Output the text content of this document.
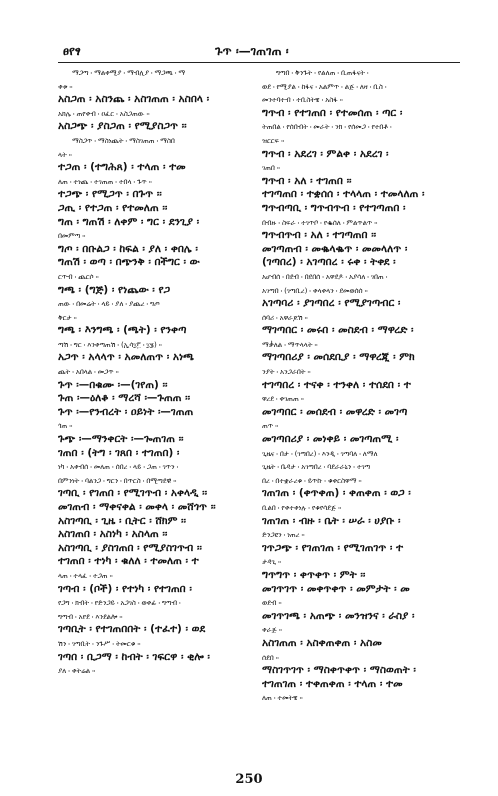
ፀየፃ	ጉጥ ፡—ገጠገጠ ፡
ማጋጣ ፡ ማልቀሚያ ፡ ማብሊያ ፡ ማጋጫ ፡ ማ
ቀቱ ፡፡
አስጋጠ ፡ አስንጨ ፡ አስገጠጠ ፡ አስበላ ፡
አክሌ ፡ ጠየቀብ ፡ ዐፈር ፡ አስጋጠው ፡፡
አስጋጭ ፡ ያስጋጠ ፡ የሚያስጋጥ ፡፡
ማስጋጥ ፡ ማስነጨት ፡ ማስገጠጠ ፡ ማስበ
ላት ፡፡
ተጋጠ ፡ (ተግሕጸ) ፡ ተላጠ ፡ ተመ
ለጠ ፡ ተነጨ ፡ ተገጠጠ ፡ ተበላ ፡ ጉጥ ፡፡
ተጋጭ ፡ የሚጋጥ ፡ በጉጥ ፡፡
ጋጢ ፡ የተጋጠ ፡ የተመለጠ ፡፡
ግጠ ፡ ግጠሽ ፡ ለቀም ፡ ግር ፡ ደንጊያ ፡
በመምጣ ፡፡
ግጦ ፡ በቡልጋ ፡ ከፍል ፡ ያለ ፡ ቀበሌ ፡
ግጠሽ ፡ ወጣ ፡ በጭንቅ ፡ በችግር ፡ ው
ርጥብ ፡ ጨርሶ ፡፡
ግጫ ፡ (ግጅ) ፡ የነጨው ፡ የጋ
ጠው ፡ በመሬት ፡ ላይ ፡ ያለ ፡ ያጨረ ፡ ግጦ
ቅርታ ፡፡
ግጫ ፡ እንግጫ ፡ (ጫት) ፡ የንቀጣ
ጣሽ ፡ ግር ፡ እንቀጣጠሽ ፡ (ኢሳ፲፫ ፡ ፲፮) ፡፡
አጋጥ ፡ አላላጥ ፡ አመለጠጥ ፡ አነጫ
ጨት ፡ አበላል ፡ መጋጥ ፡፡
ጉጥ ፡—በቁሙ ፡—(ገየጠ) ፡፡
ጉጠ ፡—ዕለቆ ፡ ማረሻ ፡—ጉጠጠ ፡፡
ጉጥ ፡—የንብረት ፡ ዐይነት ፡—ገጠጠ
ጎጠ ፡፡
ጉጭ ፡—ማንቀርት ፡—ጐጠገጠ ፡፡
ገጠበ ፡ (ትግ ፡ ገጸበ ፡ ተገጠበ) ፡
ነካ ፡ አቀብሰ ፡ መለጠ ፡ ሰበረ ፡ ላይ ፡ ጋጠ ፡ ገጥን ፡
በምንነት ፡ ባልንጋ ፡ ግርን ፡ በጥርስ ፡ በሚጣደዊ ፡፡
ገጣቢ ፡ የገጠበ ፡ የሚገጥብ ፡ አቀላዲ ፡፡
መገጠብ ፡ ማቀናቀል ፡ መቀላ ፡ መሸጎጥ ፡፡
አስገጣቢ ፡ ጊዜ ፡ ቢትር ፡ ሸክም ፡፡
አስገጠበ ፡ አስነካ ፡ አስላጠ ፡፡
አስገጣቢ ፡ ያስገጠበ ፡ የሚያስገጥብ ፡፡
ተገጠበ ፡ ተነካ ፡ ቁለለ ፡ ተመለጠ ፡ ተ
ላጠ ፡ ተላፈ ፡ ተጋጠ ፡፡
ገጣብ ፡ (ቦች) ፡ የተነካ ፡ የተገጠበ ፡
የጋግ ፡ ክብት ፡ የድንጋይ ፡ አጋገስ ፡ ወቀፊ ፡ ግጣብ ፡
ግጣብ ፡ አየደ ፡ እንደልሎ ፡፡
ገጣቢት ፡ የተገጠበበት ፡ (ተፈተ) ፡ ወደ
ሽን ፡ ገጣቢት ፡ ንጉሥ ፡ ትመርቁ ፡፡
ገጣበ ፡ ቢጋማ ፡ ከብት ፡ ገፍርዋ ፡ ቂሎ ፡
ያለ ፡ ቀትሬል ፡፡
ግጣበ ፡ ቅንጉት ፡ የልለጠ ፡ ቢጠፋናት ፡
ወደ ፡ የሚያል ፡ ከፋና ፡ አልምጥ ፡ ልጅ ፡ ለዛ ፡ ቢስ ፡
መንተባተብ ፡ ተቢስትዌ ፡ አስፋ ፡፡
ግጥብ ፡ የተገጠበ ፡ የተመሰጠ ፡ ጣር ፡
ትጠበል ፡ የሰበብት ፡ መራት ፡ ንክ ፡ የሰመጋ ፡ የተበቶ ፡
ዝርርፍ ፡፡
ግጥብ ፡ አደረገ ፡ ምልቀ ፡ አደረገ ፡
ገጠበ ፡፡
ግጥብ ፡ አለ ፡ ተገጠበ ፡፡
ተገጣጠበ ፡ ተቋሰሰ ፡ ተላላጠ ፡ ተመላለጠ ፡
ግጥብጣቢ ፡ ግጥብጥብ ፡ የተገጣጠበ ፡
በብዙ ፡ ስፍራ ፡ ተገጥቦ ፡ የቈሰለ ፡ ምልጥልጥ ፡፡
ግጥብጥብ ፡ አለ ፡ ተገጣጠበ ፡፡
መገጣጠብ ፡ መቈላቈጥ ፡ መመላለጥ ፡
(ገጣበረ) ፡ አገጣበረ ፡ ሩቀ ፡ ትቀደ ፡
አሆብሰ ፡ በደብ ፡ በደበሰ ፡ አዋደዶ ፡ አያሳለ ፡ ገበጠ ፡
አገጣበ ፡ (ገጣቢረ) ፡ ቀላቀላን ፡ ደመወሰሰ ፡፡
አገጣባሪ ፡ ያገጣበረ ፡ የሚያገጣብር ፡
ሰባሪ ፡ አዋራጆሽ ፡፡
ማገጣበር ፡ መሩበ ፡ መስደብ ፡ ማዋረድ ፡
ማቃለል ፡ ማጥላላት ፡፡
ማገጣበሪያ ፡ መሰደቢያ ፡ ማዋረጂ ፡ ምክ
ንያት ፡ አንጋራበት ፡፡
ተገጣበረ ፡ ተናቀ ፡ ተንቀለ ፡ ተሰደበ ፡ ተ
ዋረደ ፡ ቀገጠጠ ፡፡
መገጣበር ፡ መሰደብ ፡ መዋረድ ፡ መገጣ
ጠጥ ፡፡
መገጣበሪያ ፡ መነቀይ ፡ መገጣጠሚ ፡
ጊዜና ፡ በታ ፡ (ገጣበረ) ፡ እንዲ ፡ ገጣባለ ፡ ለማለ
ጊዜት ፡ ቤዳታ ፡ አገጣበረ ፡ ባደራራኒን ፡ ተገጣ
በረ ፡ በተቋራረቁ ፡ ይጥኩ ፡ ቁቀርስዋማ ፡፡
ገጠገጠ ፡ (ቀጥቀጠ) ፡ ቀጠቀጠ ፡ ወጋ ፡
ቢልበ ፡ የቀተቀነሉ ፡ የቁየሳደጅ ፡፡
ገጠገጠ ፡ ብዙ ፡ ቤት ፡ ሠራ ፡ ሀያቡ ፡
ድንጋዩን ፡ ነጠረ ፡፡
ገጥጋጭ ፡ የገጠገጠ ፡ የሚገጠገጥ ፡ ተ
ታዳጊ ፡፡
ግጥግጥ ፡ ቀጥቀጥ ፡ ምት ፡፡
መገጥገጥ ፡ መቀጥቀጥ ፡ መምታት ፡ መ
ወደብ ፡፡
መገጥገጫ ፡ አጠጭ ፡ መንዝንና ፡ ራስያ ፡
ቀራጅ ፡፡
አስገጠጠ ፡ አስቀጠቀጠ ፡ አስመ
ሰደበ ፡፡
ማስገጥገጥ ፡ ማስቀጥቀጥ ፡ ማስወጠት ፡
ተገጠገጠ ፡ ተቀጠቀጠ ፡ ተላጠ ፡ ተመ
ለጠ ፡ ተመትዌ ፡፡
250
